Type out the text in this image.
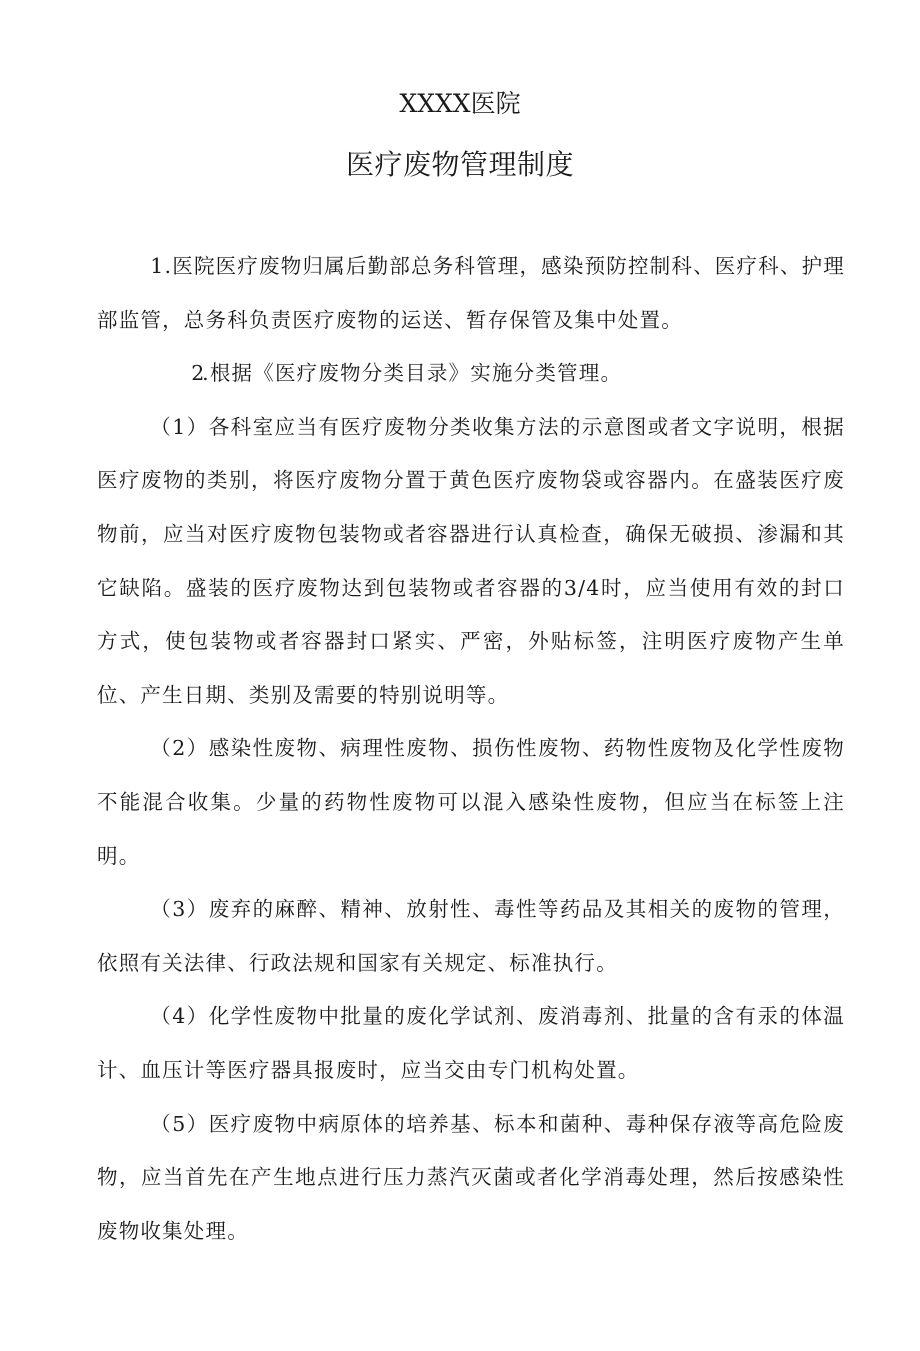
XXXX医院
医疗废物管理制度

1.医院医疗废物归属后勤部总务科管理，感染预防控制科、医疗科、护理部监管，总务科负责医疗废物的运送、暂存保管及集中处置。

2.根据《医疗废物分类目录》实施分类管理。

（1）各科室应当有医疗废物分类收集方法的示意图或者文字说明，根据医疗废物的类别，将医疗废物分置于黄色医疗废物袋或容器内。在盛装医疗废物前，应当对医疗废物包装物或者容器进行认真检查，确保无破损、渗漏和其它缺陷。盛装的医疗废物达到包装物或者容器的3/4时，应当使用有效的封口方式，使包装物或者容器封口紧实、严密，外贴标签，注明医疗废物产生单位、产生日期、类别及需要的特别说明等。

（2）感染性废物、病理性废物、损伤性废物、药物性废物及化学性废物不能混合收集。少量的药物性废物可以混入感染性废物，但应当在标签上注明。

（3）废弃的麻醉、精神、放射性、毒性等药品及其相关的废物的管理，依照有关法律、行政法规和国家有关规定、标准执行。

（4）化学性废物中批量的废化学试剂、废消毒剂、批量的含有汞的体温计、血压计等医疗器具报废时，应当交由专门机构处置。

（5）医疗废物中病原体的培养基、标本和菌种、毒种保存液等高危险废物，应当首先在产生地点进行压力蒸汽灭菌或者化学消毒处理，然后按感染性废物收集处理。
